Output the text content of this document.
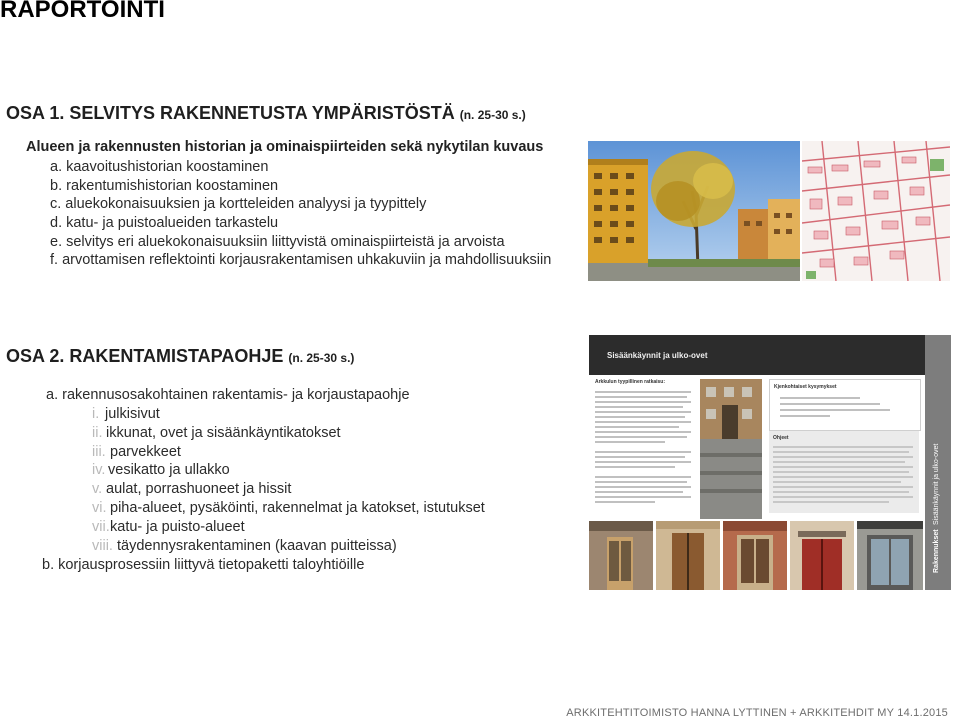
RAPORTOINTI
OSA 1. SELVITYS RAKENNETUSTA YMPÄRISTÖSTÄ (n. 25-30 s.)
Alueen ja rakennusten historian ja ominaispiirteiden sekä nykytilan kuvaus
a. kaavoitushistorian koostaminen
b. rakentumishistorian koostaminen
c. aluekokonaisuuksien ja kortteleiden analyysi ja tyypittely
d. katu- ja puistoalueiden tarkastelu
e. selvitys eri aluekokonaisuuksiin liittyvistä ominaispiirteistä ja arvoista
f. arvottamisen reflektointi korjausrakentamisen uhkakuviin ja mahdollisuuksiin
OSA 2. RAKENTAMISTAPAOHJE (n. 25-30 s.)
a. rakennusosakohtainen rakentamis- ja korjaustapaohje
i. julkisivut
ii. ikkunat, ovet ja sisäänkäyntikatokset
iii. parvekkeet
iv. vesikatto ja ullakko
v. aulat, porrashuoneet ja hissit
vi. piha-alueet, pysäköinti, rakennelmat ja katokset, istutukset
vii.katu- ja puisto-alueet
viii. täydennysrakentaminen (kaavan puitteissa)
b. korjausprosessiin liittyvä tietopaketti taloyhtiöille
Sisäänkäynnit ja ulko-ovet
Arkkulun tyypillinen ratkaisu:
Kjenkohtaiset kysymykset
Ohjeet
Sisäänkäynnit ja ulko-ovet
Rakennukset
ARKKITEHTITOIMISTO HANNA LYTTINEN + ARKKITEHDIT MY 14.1.2015
